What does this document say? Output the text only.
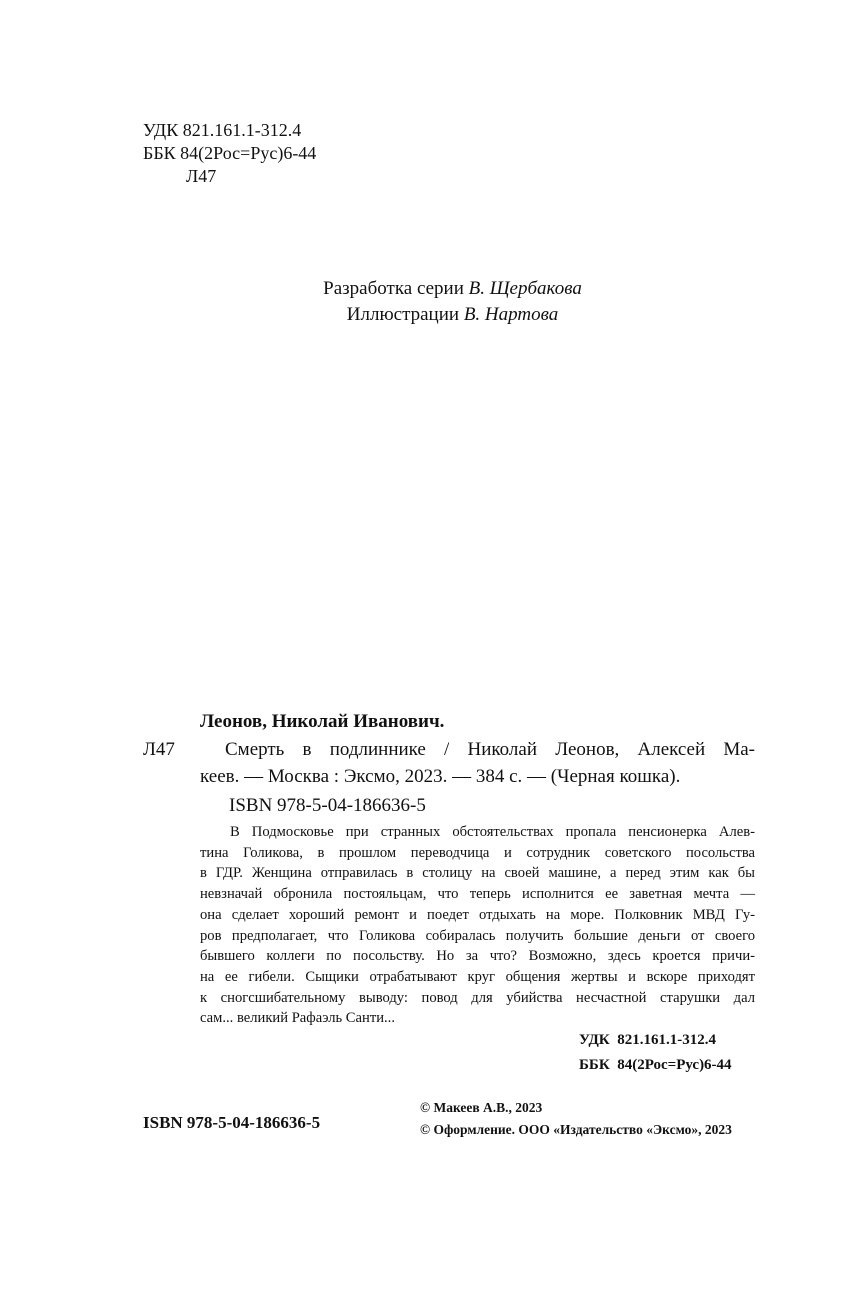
УДК 821.161.1-312.4
ББК 84(2Рос=Рус)6-44
Л47
Разработка серии В. Щербакова
Иллюстрации В. Нартова
Леонов, Николай Иванович.
Л47	Смерть в подлиннике / Николай Леонов, Алексей Ма-
кеев. — Москва : Эксмо, 2023. — 384 с. — (Черная кошка).
ISBN 978-5-04-186636-5
В Подмосковье при странных обстоятельствах пропала пенсионерка Алев-
тина Голикова, в прошлом переводчица и сотрудник советского посольства
в ГДР. Женщина отправилась в столицу на своей машине, а перед этим как бы
невзначай обронила постояльцам, что теперь исполнится ее заветная мечта —
она сделает хороший ремонт и поедет отдыхать на море. Полковник МВД Гу-
ров предполагает, что Голикова собиралась получить большие деньги от своего
бывшего коллеги по посольству. Но за что? Возможно, здесь кроется причи-
на ее гибели. Сыщики отрабатывают круг общения жертвы и вскоре приходят
к сногсшибательному выводу: повод для убийства несчастной старушки дал
сам... великий Рафаэль Санти...
УДК 821.161.1-312.4
ББК 84(2Рос=Рус)6-44
ISBN 978-5-04-186636-5
© Макеев А.В., 2023
© Оформление. ООО «Издательство «Эксмо», 2023
